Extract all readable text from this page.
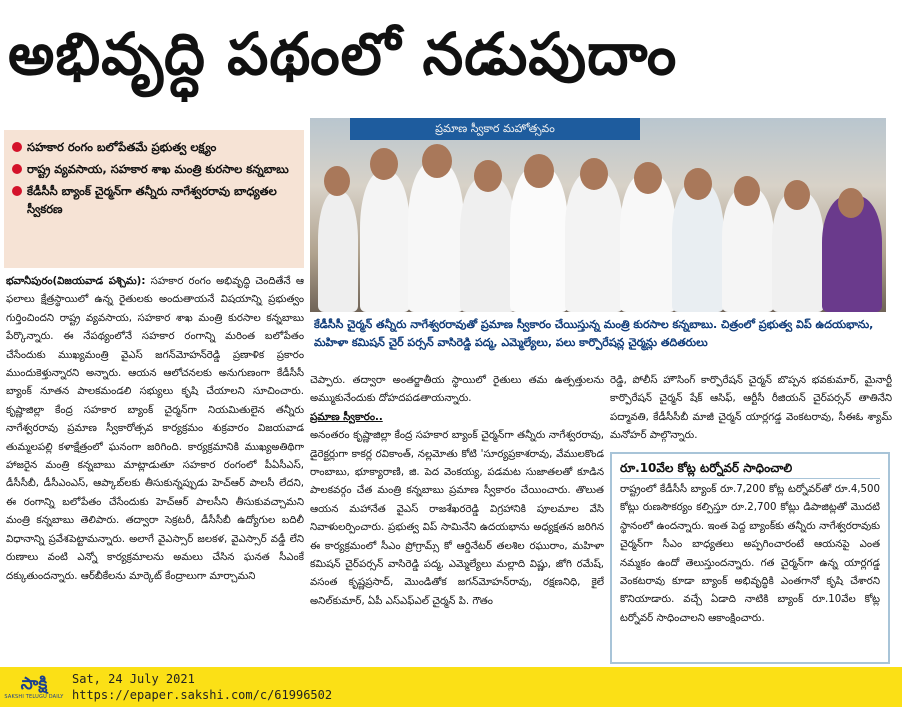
అభివృద్ధి పథంలో నడుపుదాం
సహకార రంగం బలోపేతమే ప్రభుత్వ లక్ష్యం
రాష్ట్ర వ్యవసాయ, సహకార శాఖ మంత్రి కురసాల కన్నబాబు
కేడీసీసీ బ్యాంక్ చైర్మన్‌గా తన్నీరు నాగేశ్వరరావు బాధ్యతల స్వీకరణ
ప్రమాణ స్వీకార మహోత్సవం
కేడీసీసీ చైర్మన్ తన్నీరు నాగేశ్వరరావుతో ప్రమాణ స్వీకారం చేయిస్తున్న మంత్రి కురసాల కన్నబాబు. చిత్రంలో ప్రభుత్వ విప్ ఉదయభాను, మహిళా కమిషన్ చైర్ పర్సన్ వాసిరెడ్డి పద్మ, ఎమ్మెల్యేలు, పలు కార్పొరేషన్ల చైర్మన్లు తదితరులు
భవానీపురం(విజయవాడ పశ్చిమ): సహకార రంగం అభివృద్ధి చెందితేనే ఆ ఫలాలు క్షేత్రస్థాయిలో ఉన్న రైతులకు అందుతాయనే విషయాన్ని ప్రభుత్వం గుర్తించిందని రాష్ట్ర వ్యవసాయ, సహకార శాఖ మంత్రి కురసాల కన్నబాబు పేర్కొన్నారు. ఈ నేపథ్యంలోనే సహకార రంగాన్ని మరింత బలోపేతం చేసేందుకు ముఖ్యమంత్రి వైఎస్ జగన్‌మోహన్‌రెడ్డి ప్రణాళిక ప్రకారం ముందుకెళ్తున్నారని అన్నారు. ఆయన ఆలోచనలకు అనుగుణంగా కేడీసీసీ బ్యాంక్ నూతన పాలకమండలి సభ్యులు కృషి చేయాలని సూచించారు. కృష్ణాజిల్లా కేంద్ర సహకార బ్యాంక్ చైర్మన్‌గా నియమితులైన తన్నీరు నాగేశ్వరరావు ప్రమాణ స్వీకారోత్సవ కార్యక్రమం శుక్రవారం విజయవాడ తుమ్మలపల్లి కళాక్షేత్రంలో ఘనంగా జరిగింది. కార్యక్రమానికి ముఖ్యఅతిథిగా హాజరైన మంత్రి కన్నబాబు మాట్లాడుతూ సహకార రంగంలో పీఏసీఎస్, డీసీసీబీ, డీసీఎంఎస్, ఆప్కాబ్‌లకు తీసుకున్నప్పుడు హెచ్ఆర్ పాలసీ లేదని, ఈ రంగాన్ని బలోపేతం చేసేందుకు హెచ్ఆర్ పాలసీని తీసుకువచ్చామని మంత్రి కన్నబాబు తెలిపారు. తద్వారా సెక్రటరీ, డీసీసీబీ ఉద్యోగుల బదిలీ విధానాన్ని ప్రవేశపెట్టామన్నారు. అలాగే వైఎస్సార్ జలకళ, వైఎస్సార్ వడ్డీ లేని రుణాలు వంటి ఎన్నో కార్యక్రమాలను అమలు చేసిన ఘనత సీఎంకే దక్కుతుందన్నారు. ఆర్‌బీకేలను మార్కెట్ కేంద్రాలుగా మార్చామని
చెప్పారు. తద్వారా అంతర్జాతీయ స్థాయిలో రైతులు తమ ఉత్పత్తులను అమ్ముకునేందుకు దోహదపడతాయన్నారు.
ప్రమాణ స్వీకారం..
అనంతరం కృష్ణాజిల్లా కేంద్ర సహకార బ్యాంక్ చైర్మన్‌గా తన్నీరు నాగేశ్వరరావు, డైరెక్టర్లుగా కాకర్ల రవికాంత్, నల్లమోతు కోటి 'సూర్యప్రకాశరావు, వేములకొండ రాంబాబు, భూక్యారాణి, జి. పెద వెంకయ్య, పడమట సుజాతలతో కూడిన పాలకవర్గం చేత మంత్రి కన్నబాబు ప్రమాణ స్వీకారం చేయించారు. తొలుత ఆయన మహానేత వైఎస్ రాజశేఖరరెడ్డి విగ్రహానికి పూలమాల వేసి నివాళులర్పించారు. ప్రభుత్వ విప్ సామినేని ఉదయభాను అధ్యక్షతన జరిగిన ఈ కార్యక్రమంలో సీఎం ప్రోగ్రామ్స్ కో ఆర్డినేటర్ తలశిల రఘురాం, మహిళా కమిషన్ చైర్‌పర్సన్ వాసిరెడ్డి పద్మ, ఎమ్మెల్యేలు మల్లాది విష్ణు, జోగి రమేష్, వసంత కృష్ణప్రసాద్, మొండితోక జగన్‌మోహన్‌రావు, రక్షణనిధి, కైలే అనిల్‌కుమార్, ఏపీ ఎస్ఎఫ్ఎల్ చైర్మన్ పి. గౌతం
రెడ్డి, పోలీస్ హౌసింగ్ కార్పొరేషన్ చైర్మన్ బొప్పన భవకుమార్, మైనార్టీ కార్పొరేషన్ చైర్మన్ షేక్ ఆసిఫ్, ఆర్టీసీ రీజియన్ చైర్‌పర్సన్ తాతినేని పద్మావతి, కేడీసీసీబీ మాజీ చైర్మన్ యార్లగడ్డ వెంకటరావు, సీఈఓ శ్యామ్ మనోహర్ పాల్గొన్నారు.
రూ.10వేల కోట్ల టర్నోవర్ సాధించాలి
రాష్ట్రంలో కేడీసీసీ బ్యాంక్ రూ.7,200 కోట్ల టర్నోవర్‌తో రూ.4,500 కోట్లు రుణసౌకర్యం కల్పిస్తూ రూ.2,700 కోట్లు డిపాజిట్లతో మొదటి స్థానంలో ఉందన్నారు. ఇంత పెద్ద బ్యాంక్‌కు తన్నీరు నాగేశ్వరరావుకు చైర్మన్‌గా సీఎం బాధ్యతలు అప్పగించారంటే ఆయనపై ఎంత నమ్మకం ఉందో తెలుస్తుందన్నారు. గత చైర్మన్‌గా ఉన్న యార్లగడ్డ వెంకటరావు కూడా బ్యాంక్ అభివృద్ధికి ఎంతగానో కృషి చేశారని కొనియాడారు. వచ్చే ఏడాది నాటికి బ్యాంక్ రూ.10వేల కోట్ల టర్నోవర్ సాధించాలని ఆకాంక్షించారు.
సాక్షి
SAKSHI TELUGU DAILY
Sat, 24 July 2021
https://epaper.sakshi.com/c/61996502
